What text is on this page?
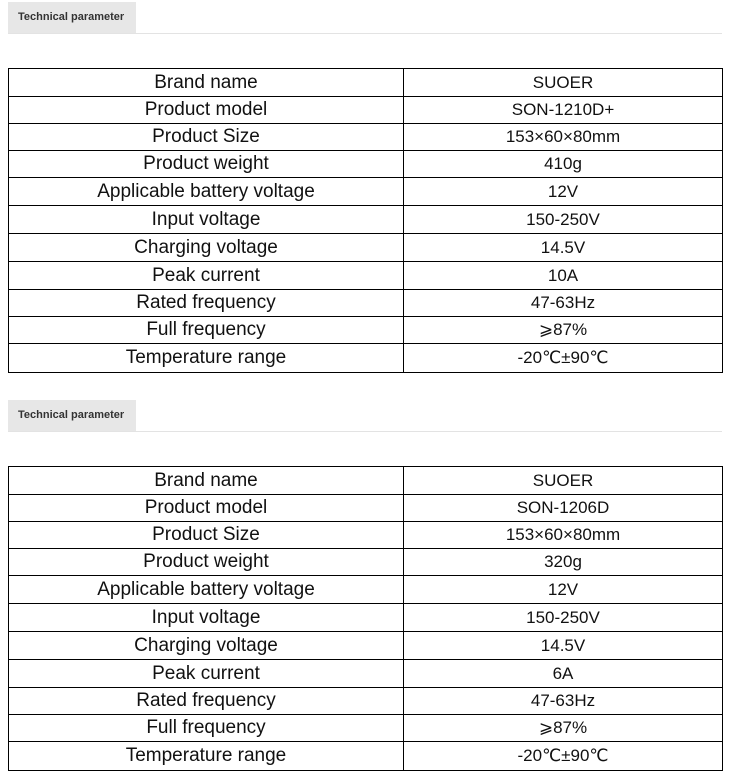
Technical parameter
Brand name	SUOER
Product model	SON-1210D+
Product Size	153×60×80mm
Product weight	410g
Applicable battery voltage	12V
Input voltage	150-250V
Charging voltage	14.5V
Peak current	10A
Rated frequency	47-63Hz
Full frequency	⩾87%
Temperature range	-20℃±90℃
Technical parameter
Brand name	SUOER
Product model	SON-1206D
Product Size	153×60×80mm
Product weight	320g
Applicable battery voltage	12V
Input voltage	150-250V
Charging voltage	14.5V
Peak current	6A
Rated frequency	47-63Hz
Full frequency	⩾87%
Temperature range	-20℃±90℃
